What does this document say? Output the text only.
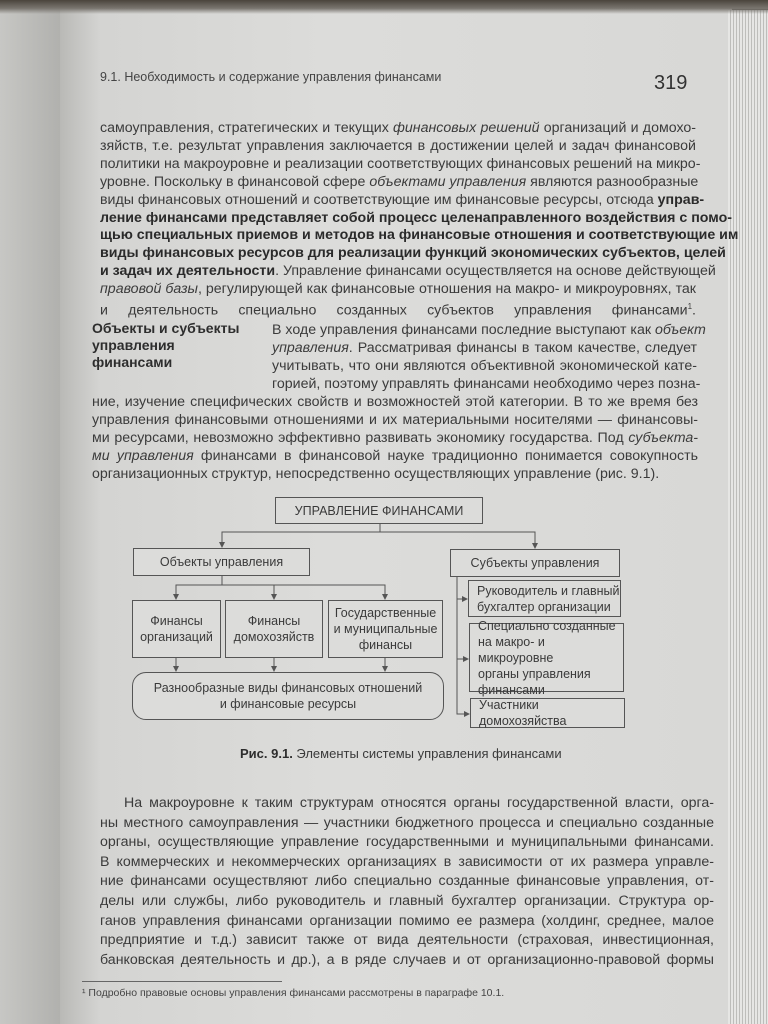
9.1. Необходимость и содержание управления финансами	319
самоуправления, стратегических и текущих финансовых решений организаций и домохо-
зяйств, т.е. результат управления заключается в достижении целей и задач финансовой
политики на макроуровне и реализации соответствующих финансовых решений на микро-
уровне. Поскольку в финансовой сфере объектами управления являются разнообразные
виды финансовых отношений и соответствующие им финансовые ресурсы, отсюда управ-
ление финансами представляет собой процесс целенаправленного воздействия с помо-
щью специальных приемов и методов на финансовые отношения и соответствующие им
виды финансовых ресурсов для реализации функций экономических субъектов, целей
и задач их деятельности. Управление финансами осуществляется на основе действующей
правовой базы, регулирующей как финансовые отношения на макро- и микроуровнях, так
и деятельность специально созданных субъектов управления финансами$^1$.
Объекты и субъекты
управления
финансами
В ходе управления финансами последние выступают как объект
управления. Рассматривая финансы в таком качестве, следует
учитывать, что они являются объективной экономической кате-
горией, поэтому управлять финансами необходимо через позна-
ние, изучение специфических свойств и возможностей этой категории. В то же время без
управления финансовыми отношениями и их материальными носителями — финансовы-
ми ресурсами, невозможно эффективно развивать экономику государства. Под субъекта-
ми управления финансами в финансовой науке традиционно понимается совокупность
организационных структур, непосредственно осуществляющих управление (рис. 9.1).
УПРАВЛЕНИЕ ФИНАНСАМИ
Объекты управления	Субъекты управления
Финансы
организаций
Финансы
домохозяйств
Государственные
и муниципальные
финансы
Разнообразные виды финансовых отношений
и финансовые ресурсы
Руководитель и главный
бухгалтер организации
Специально созданные
на макро- и микроуровне
органы управления
финансами
Участники домохозяйства
Рис. 9.1. Элементы системы управления финансами
На макроуровне к таким структурам относятся органы государственной власти, орга-
ны местного самоуправления — участники бюджетного процесса и специально созданные
органы, осуществляющие управление государственными и муниципальными финансами.
В коммерческих и некоммерческих организациях в зависимости от их размера управле-
ние финансами осуществляют либо специально созданные финансовые управления, от-
делы или службы, либо руководитель и главный бухгалтер организации. Структура ор-
ганов управления финансами организации помимо ее размера (холдинг, среднее, малое
предприятие и т.д.) зависит также от вида деятельности (страховая, инвестиционная,
банковская деятельность и др.), а в ряде случаев и от организационно-правовой формы
¹ Подробно правовые основы управления финансами рассмотрены в параграфе 10.1.
